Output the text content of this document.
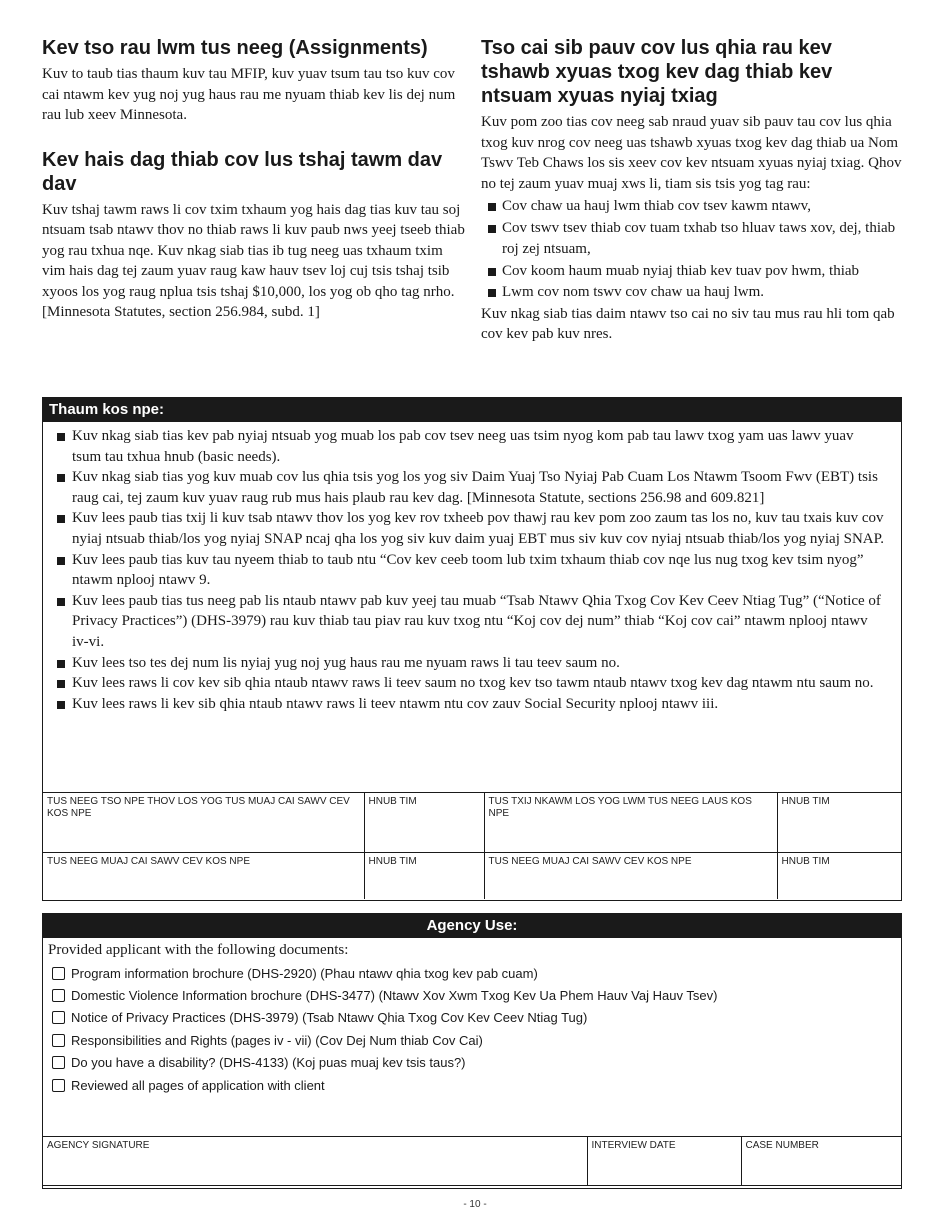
Kev tso rau lwm tus neeg (Assignments)

Kuv to taub tias thaum kuv tau MFIP, kuv yuav tsum tau tso kuv cov cai ntawm kev yug noj yug haus rau me nyuam thiab kev lis dej num rau lub xeev Minnesota.

Kev hais dag thiab cov lus tshaj tawm dav dav

Kuv tshaj tawm raws li cov txim txhaum yog hais dag tias kuv tau soj ntsuam tsab ntawv thov no thiab raws li kuv paub nws yeej tseeb thiab yog rau txhua nqe. Kuv nkag siab tias ib tug neeg uas txhaum txim vim hais dag tej zaum yuav raug kaw hauv tsev loj cuj tsis tshaj tsib xyoos los yog raug nplua tsis tshaj $10,000, los yog ob qho tag nrho. [Minnesota Statutes, section 256.984, subd. 1]

Tso cai sib pauv cov lus qhia rau kev tshawb xyuas txog kev dag thiab kev ntsuam xyuas nyiaj txiag

Kuv pom zoo tias cov neeg sab nraud yuav sib pauv tau cov lus qhia txog kuv nrog cov neeg uas tshawb xyuas txog kev dag thiab ua Nom Tswv Teb Chaws los sis xeev cov kev ntsuam xyuas nyiaj txiag. Qhov no tej zaum yuav muaj xws li, tiam sis tsis yog tag rau:

Cov chaw ua hauj lwm thiab cov tsev kawm ntawv,
Cov tswv tsev thiab cov tuam txhab tso hluav taws xov, dej, thiab roj zej ntsuam,
Cov koom haum muab nyiaj thiab kev tuav pov hwm, thiab
Lwm cov nom tswv cov chaw ua hauj lwm.

Kuv nkag siab tias daim ntawv tso cai no siv tau mus rau hli tom qab cov kev pab kuv nres.

Thaum kos npe:
Kuv nkag siab tias kev pab nyiaj ntsuab yog muab los pab cov tsev neeg uas tsim nyog kom pab tau lawv txog yam uas lawv yuav tsum tau txhua hnub (basic needs).
Kuv nkag siab tias yog kuv muab cov lus qhia tsis yog los yog siv Daim Yuaj Tso Nyiaj Pab Cuam Los Ntawm Tsoom Fwv (EBT) tsis raug cai, tej zaum kuv yuav raug rub mus hais plaub rau kev dag. [Minnesota Statute, sections 256.98 and 609.821]
Kuv lees paub tias txij li kuv tsab ntawv thov los yog kev rov txheeb pov thawj rau kev pom zoo zaum tas los no, kuv tau txais kuv cov nyiaj ntsuab thiab/los yog nyiaj SNAP ncaj qha los yog siv kuv daim yuaj EBT mus siv kuv cov nyiaj ntsuab thiab/los yog nyiaj SNAP.
Kuv lees paub tias kuv tau nyeem thiab to taub ntu “Cov kev ceeb toom lub txim txhaum thiab cov nqe lus nug txog kev tsim nyog” ntawm nplooj ntawv 9.
Kuv lees paub tias tus neeg pab lis ntaub ntawv pab kuv yeej tau muab “Tsab Ntawv Qhia Txog Cov Kev Ceev Ntiag Tug” (“Notice of Privacy Practices”) (DHS-3979) rau kuv thiab tau piav rau kuv txog ntu “Koj cov dej num” thiab “Koj cov cai” ntawm nplooj ntawv iv-vi.
Kuv lees tso tes dej num lis nyiaj yug noj yug haus rau me nyuam raws li tau teev saum no.
Kuv lees raws li cov kev sib qhia ntaub ntawv raws li teev saum no txog kev tso tawm ntaub ntawv txog kev dag ntawm ntu saum no.
Kuv lees raws li kev sib qhia ntaub ntawv raws li teev ntawm ntu cov zauv Social Security nplooj ntawv iii.
TUS NEEG TSO NPE THOV LOS YOG TUS MUAJ CAI SAWV CEV KOS NPE	HNUB TIM	TUS TXIJ NKAWM LOS YOG LWM TUS NEEG LAUS KOS NPE	HNUB TIM
TUS NEEG MUAJ CAI SAWV CEV KOS NPE	HNUB TIM	TUS NEEG MUAJ CAI SAWV CEV KOS NPE	HNUB TIM
Agency Use:
Provided applicant with the following documents:
Program information brochure (DHS-2920) (Phau ntawv qhia txog kev pab cuam)
Domestic Violence Information brochure (DHS-3477) (Ntawv Xov Xwm Txog Kev Ua Phem Hauv Vaj Hauv Tsev)
Notice of Privacy Practices (DHS-3979) (Tsab Ntawv Qhia Txog Cov Kev Ceev Ntiag Tug)
Responsibilities and Rights (pages iv - vii) (Cov Dej Num thiab Cov Cai)
Do you have a disability? (DHS-4133) (Koj puas muaj kev tsis taus?)
Reviewed all pages of application with client
AGENCY SIGNATURE	INTERVIEW DATE	CASE NUMBER
- 10 -
